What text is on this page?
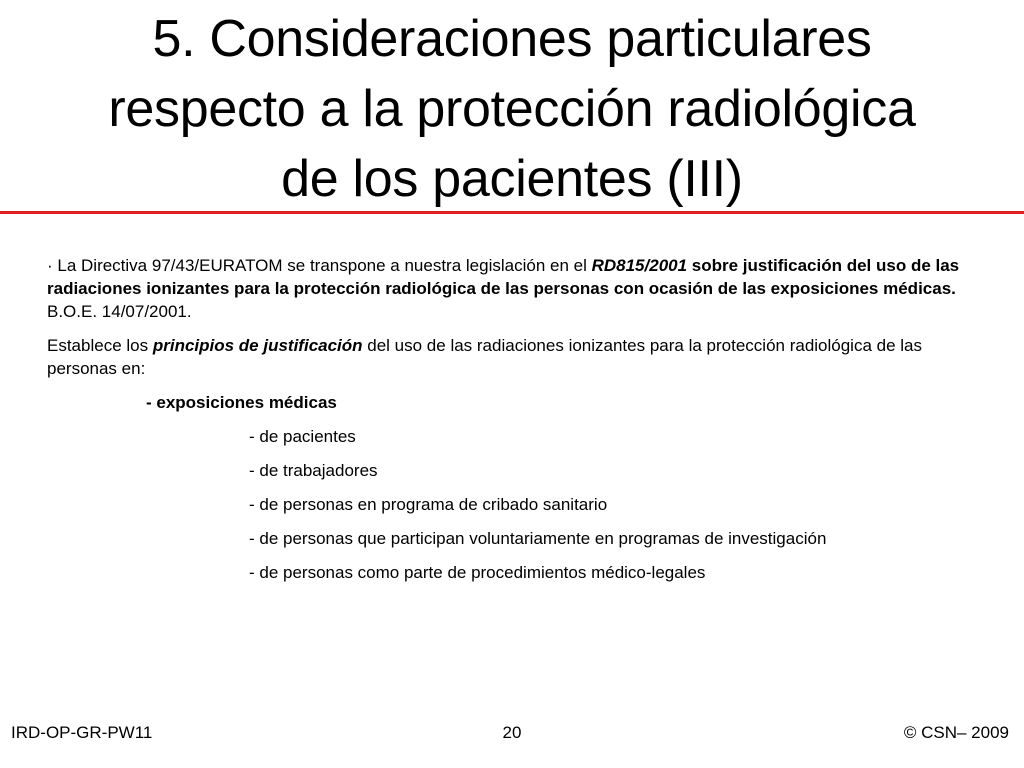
5. Consideraciones particulares
respecto a la protección radiológica
de los pacientes (III)

· La Directiva 97/43/EURATOM se transpone a nuestra legislación en el RD815/2001 sobre justificación del uso de las radiaciones ionizantes para la protección radiológica de las personas con ocasión de las exposiciones médicas. B.O.E. 14/07/2001.

Establece los principios de justificación del uso de las radiaciones ionizantes para la protección radiológica de las personas en:

- exposiciones médicas
- de pacientes
- de trabajadores
- de personas en programa de cribado sanitario
- de personas que participan voluntariamente en programas de investigación
- de personas como parte de procedimientos médico-legales
20
IRD-OP-GR-PW11	© CSN– 2009
